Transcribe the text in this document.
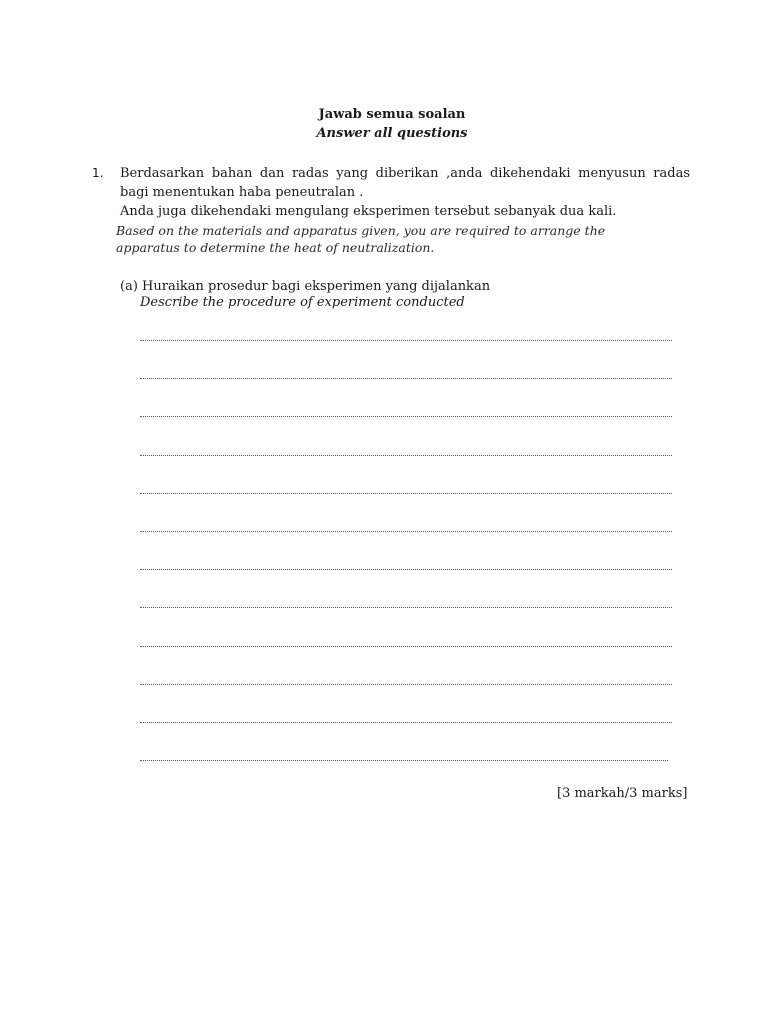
Jawab semua soalan
Answer all questions
1. Berdasarkan bahan dan radas yang diberikan ,anda dikehendaki menyusun radas bagi menentukan haba peneutralan .
Anda juga dikehendaki mengulang eksperimen tersebut sebanyak dua kali.
Based on the materials and apparatus given, you are required to arrange the apparatus to determine the heat of neutralization.
(a) Huraikan prosedur bagi eksperimen yang dijalankan
Describe the procedure of experiment conducted
[3 markah/3 marks]
